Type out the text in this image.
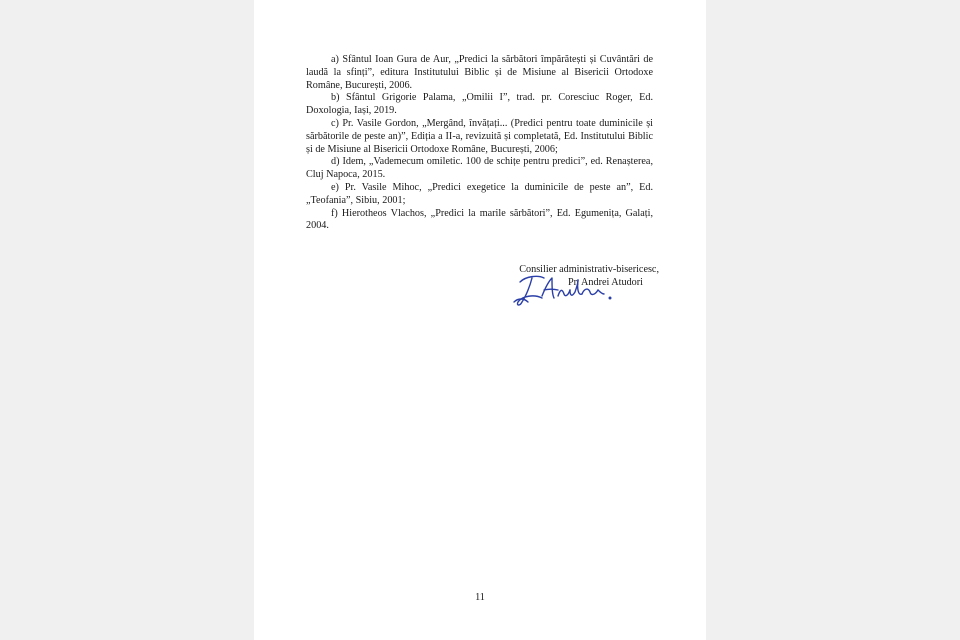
a) Sfântul Ioan Gura de Aur, „Predici la sărbători împărătești și Cuvântări de laudă la sfinți”, editura Institutului Biblic și de Misiune al Bisericii Ortodoxe Române, București, 2006.

b) Sfântul Grigorie Palama, „Omilii I”, trad. pr. Coresciuc Roger, Ed. Doxologia, Iași, 2019.

c) Pr. Vasile Gordon, „Mergând, învățați... (Predici pentru toate duminicile și sărbătorile de peste an)”, Ediția a II-a, revizuită și completată, Ed. Institutului Biblic și de Misiune al Bisericii Ortodoxe Române, București, 2006;

d) Idem, „Vademecum omiletic. 100 de schițe pentru predici”, ed. Renașterea, Cluj Napoca, 2015.

e) Pr. Vasile Mihoc, „Predici exegetice la duminicile de peste an”, Ed. „Teofania”, Sibiu, 2001;

f) Hierotheos Vlachos, „Predici la marile sărbători”, Ed. Egumenița, Galați, 2004.

Consilier administrativ-bisericesc,
Pr. Andrei Atudori
11
